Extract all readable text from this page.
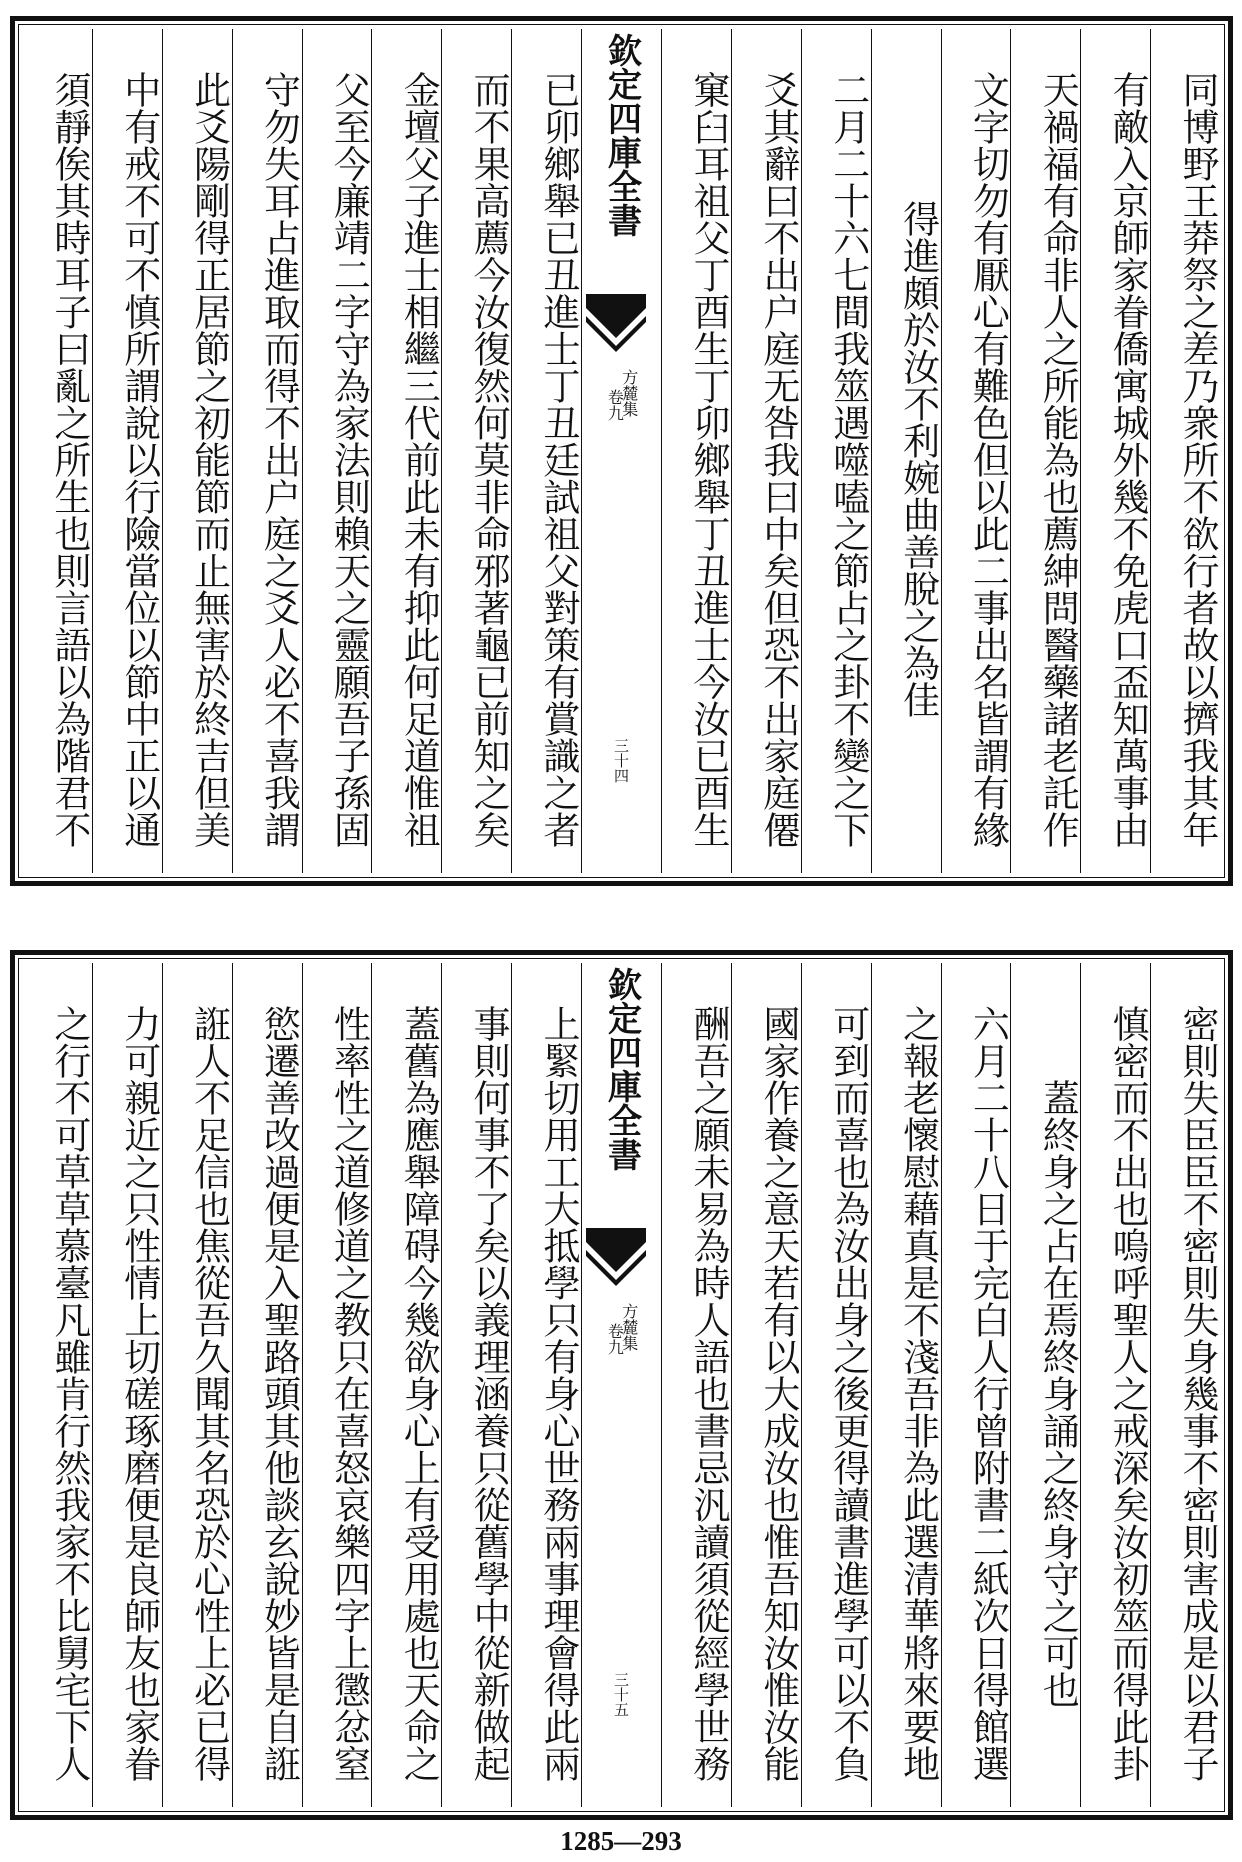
同博野王莽祭之差乃衆所不欲行者故以擠我其年
有敵入京師家眷僑寓城外幾不免虎口盃知萬事由
天禍福有命非人之所能為也薦紳問醫藥諸老託作
文字切勿有厭心有難色但以此二事出名皆謂有緣
得進頗於汝不利婉曲善脫之為佳
二月二十六七間我筮遇噬嗑之節占之卦不變之下
爻其辭曰不出户庭无咎我曰中矣但恐不出家庭僊
窠臼耳祖父丁酉生丁卯鄉舉丁丑進士今汝已酉生
欽定四庫全書
方麓集
卷九
三十四
已卯鄉舉已丑進士丁丑廷試祖父對策有賞識之者
而不果高薦今汝復然何莫非命邪著龜已前知之矣
金壇父子進士相繼三代前此未有抑此何足道惟祖
父至今廉靖二字守為家法則賴天之靈願吾子孫固
守勿失耳占進取而得不出户庭之爻人必不喜我謂
此爻陽剛得正居節之初能節而止無害於終吉但美
中有戒不可不慎所謂說以行險當位以節中正以通
須靜俟其時耳子曰亂之所生也則言語以為階君不
密則失臣臣不密則失身幾事不密則害成是以君子
慎密而不出也嗚呼聖人之戒深矣汝初筮而得此卦
蓋終身之占在焉終身誦之終身守之可也
六月二十八日于完白人行曾附書二紙次日得館選
之報老懷慰藉真是不淺吾非為此選清華將來要地
可到而喜也為汝出身之後更得讀書進學可以不負
國家作養之意天若有以大成汝也惟吾知汝惟汝能
酬吾之願未易為時人語也書忌汎讀須從經學世務
欽定四庫全書
方麓集
卷九
三十五
上緊切用工大抵學只有身心世務兩事理會得此兩
事則何事不了矣以義理涵養只從舊學中從新做起
蓋舊為應舉障碍今幾欲身心上有受用處也天命之
性率性之道修道之教只在喜怒哀樂四字上懲忿窒
慾遷善改過便是入聖路頭其他談玄說妙皆是自誑
誑人不足信也焦從吾久聞其名恐於心性上必已得
力可親近之只性情上切磋琢磨便是良師友也家眷
之行不可草草慕臺凡雖肯行然我家不比舅宅下人
1285—293
